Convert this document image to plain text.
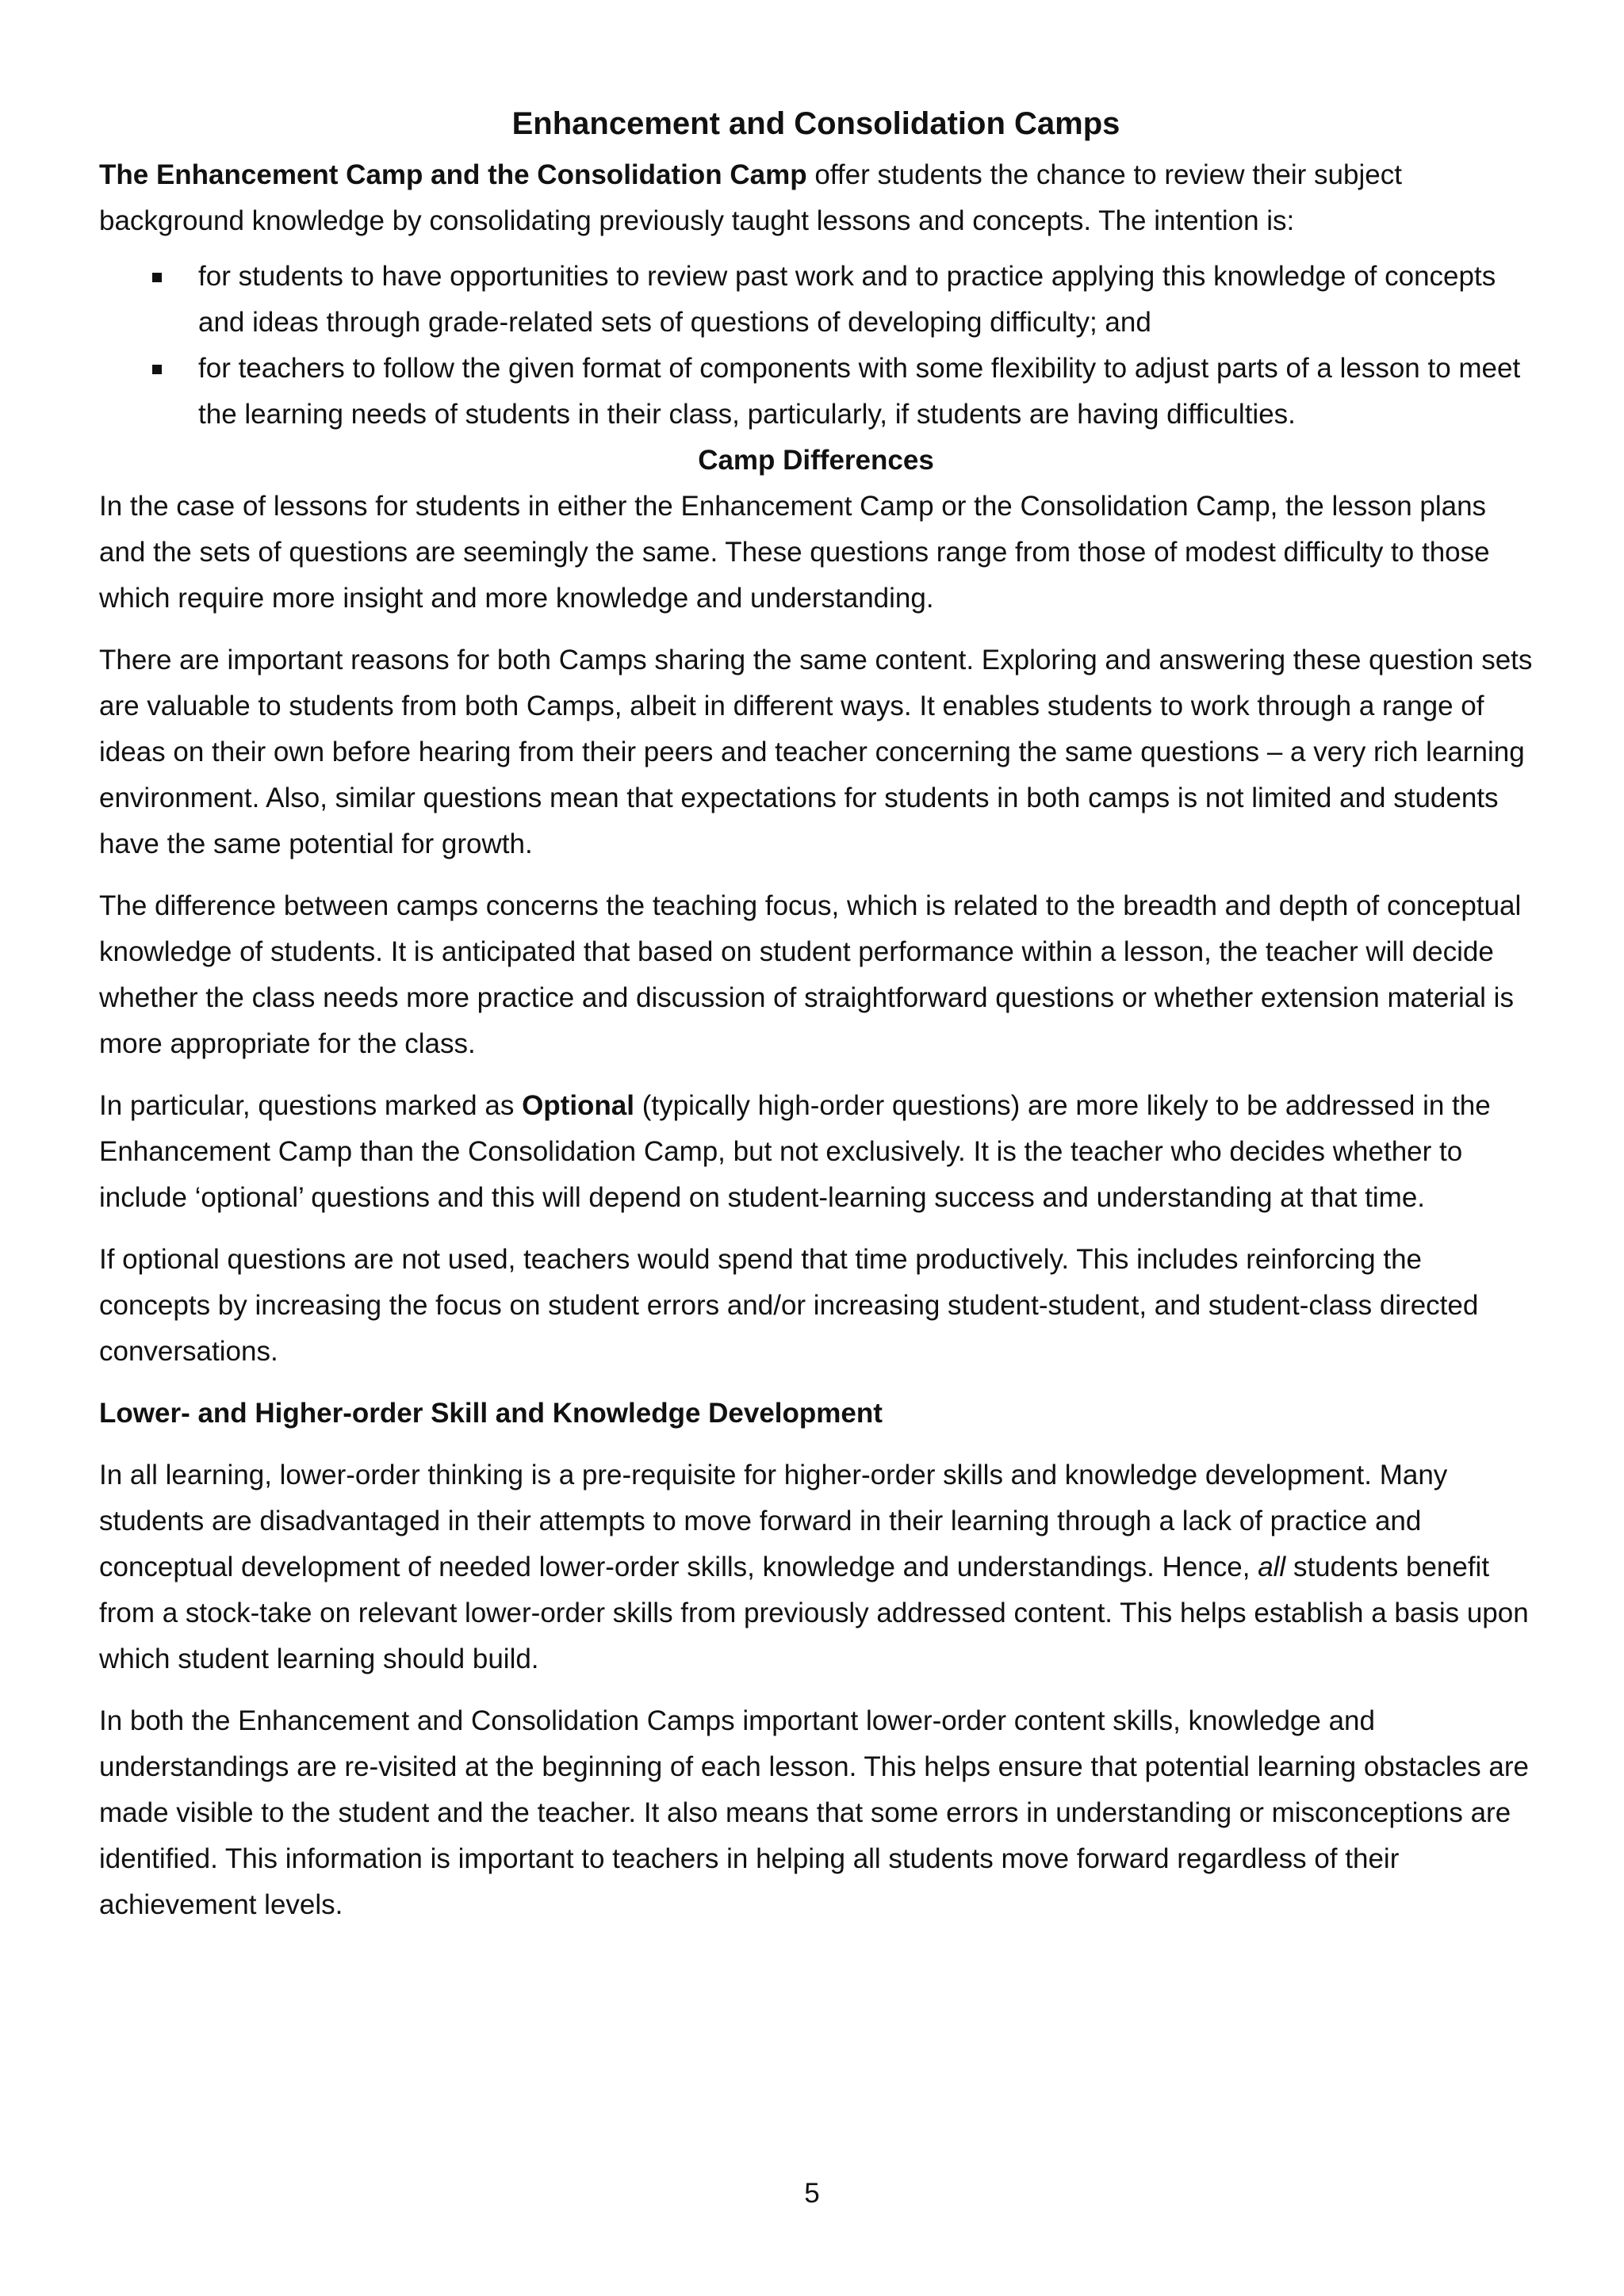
Enhancement and Consolidation Camps

The Enhancement Camp and the Consolidation Camp offer students the chance to review their subject background knowledge by consolidating previously taught lessons and concepts. The intention is:

for students to have opportunities to review past work and to practice applying this knowledge of concepts and ideas through grade-related sets of questions of developing difficulty; and
for teachers to follow the given format of components with some flexibility to adjust parts of a lesson to meet the learning needs of students in their class, particularly, if students are having difficulties.
Camp Differences

In the case of lessons for students in either the Enhancement Camp or the Consolidation Camp, the lesson plans and the sets of questions are seemingly the same. These questions range from those of modest difficulty to those which require more insight and more knowledge and understanding.

There are important reasons for both Camps sharing the same content. Exploring and answering these question sets are valuable to students from both Camps, albeit in different ways. It enables students to work through a range of ideas on their own before hearing from their peers and teacher concerning the same questions – a very rich learning environment. Also, similar questions mean that expectations for students in both camps is not limited and students have the same potential for growth.

The difference between camps concerns the teaching focus, which is related to the breadth and depth of conceptual knowledge of students. It is anticipated that based on student performance within a lesson, the teacher will decide whether the class needs more practice and discussion of straightforward questions or whether extension material is more appropriate for the class.

In particular, questions marked as Optional (typically high-order questions) are more likely to be addressed in the Enhancement Camp than the Consolidation Camp, but not exclusively. It is the teacher who decides whether to include ‘optional’ questions and this will depend on student-learning success and understanding at that time.

If optional questions are not used, teachers would spend that time productively. This includes reinforcing the concepts by increasing the focus on student errors and/or increasing student-student, and student-class directed conversations.

Lower- and Higher-order Skill and Knowledge Development

In all learning, lower-order thinking is a pre-requisite for higher-order skills and knowledge development. Many students are disadvantaged in their attempts to move forward in their learning through a lack of practice and conceptual development of needed lower-order skills, knowledge and understandings. Hence, all students benefit from a stock-take on relevant lower-order skills from previously addressed content. This helps establish a basis upon which student learning should build.

In both the Enhancement and Consolidation Camps important lower-order content skills, knowledge and understandings are re-visited at the beginning of each lesson. This helps ensure that potential learning obstacles are made visible to the student and the teacher. It also means that some errors in understanding or misconceptions are identified. This information is important to teachers in helping all students move forward regardless of their achievement levels.

5
